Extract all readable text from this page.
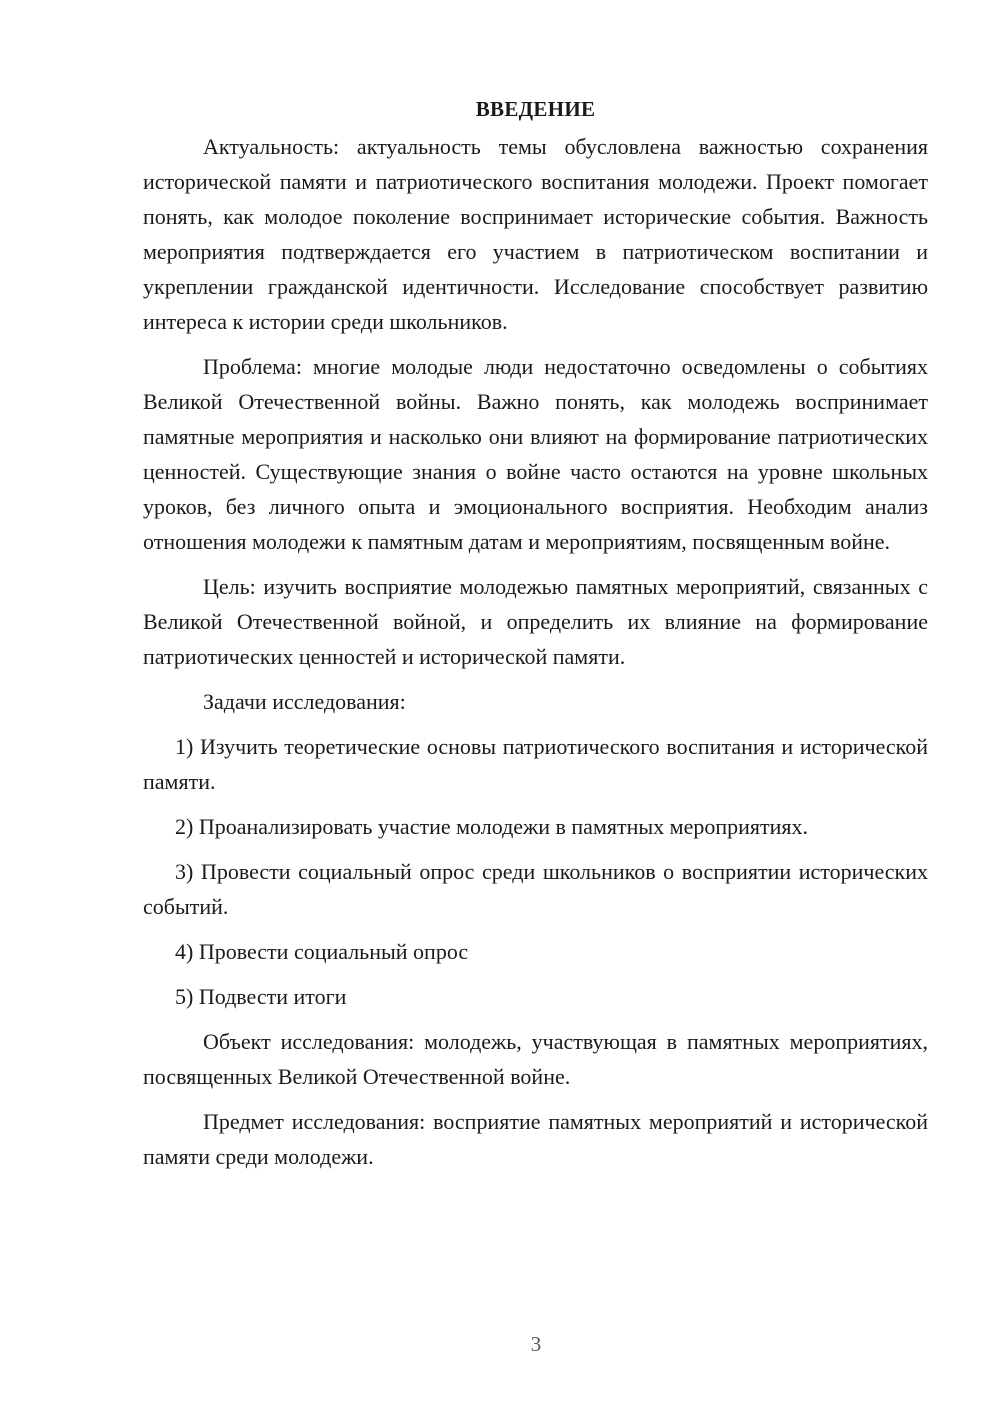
ВВЕДЕНИЕ

Актуальность: актуальность темы обусловлена важностью сохранения исторической памяти и патриотического воспитания молодежи. Проект помогает понять, как молодое поколение воспринимает исторические события. Важность мероприятия подтверждается его участием в патриотическом воспитании и укреплении гражданской идентичности. Исследование способствует развитию интереса к истории среди школьников.

Проблема: многие молодые люди недостаточно осведомлены о событиях Великой Отечественной войны. Важно понять, как молодежь воспринимает памятные мероприятия и насколько они влияют на формирование патриотических ценностей. Существующие знания о войне часто остаются на уровне школьных уроков, без личного опыта и эмоционального восприятия. Необходим анализ отношения молодежи к памятным датам и мероприятиям, посвященным войне.

Цель: изучить восприятие молодежью памятных мероприятий, связанных с Великой Отечественной войной, и определить их влияние на формирование патриотических ценностей и исторической памяти.

Задачи исследования:

1) Изучить теоретические основы патриотического воспитания и исторической памяти.

2) Проанализировать участие молодежи в памятных мероприятиях.

3) Провести социальный опрос среди школьников о восприятии исторических событий.

4) Провести социальный опрос

5) Подвести итоги

Объект исследования: молодежь, участвующая в памятных мероприятиях, посвященных Великой Отечественной войне.

Предмет исследования: восприятие памятных мероприятий и исторической памяти среди молодежи.

3
